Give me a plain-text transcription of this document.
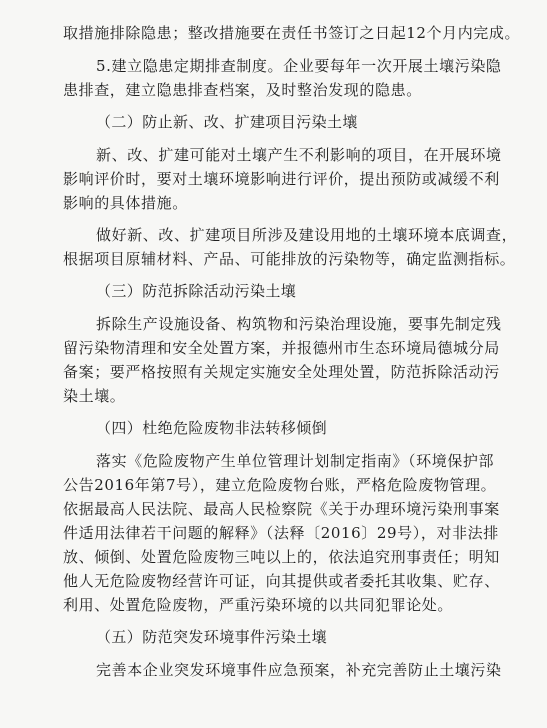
取措施排除隐患；整改措施要在责任书签订之日起12个月内完成。
5.建立隐患定期排查制度。企业要每年一次开展土壤污染隐
患排查，建立隐患排查档案，及时整治发现的隐患。
（二）防止新、改、扩建项目污染土壤
新、改、扩建可能对土壤产生不利影响的项目，在开展环境
影响评价时，要对土壤环境影响进行评价，提出预防或减缓不利
影响的具体措施。
做好新、改、扩建项目所涉及建设用地的土壤环境本底调查，
根据项目原辅材料、产品、可能排放的污染物等，确定监测指标。
（三）防范拆除活动污染土壤
拆除生产设施设备、构筑物和污染治理设施，要事先制定残
留污染物清理和安全处置方案，并报德州市生态环境局德城分局
备案；要严格按照有关规定实施安全处理处置，防范拆除活动污
染土壤。
（四）杜绝危险废物非法转移倾倒
落实《危险废物产生单位管理计划制定指南》（环境保护部
公告2016年第7号），建立危险废物台账，严格危险废物管理。
依据最高人民法院、最高人民检察院《关于办理环境污染刑事案
件适用法律若干问题的解释》（法释〔2016〕29号），对非法排
放、倾倒、处置危险废物三吨以上的，依法追究刑事责任；明知
他人无危险废物经营许可证，向其提供或者委托其收集、贮存、
利用、处置危险废物，严重污染环境的以共同犯罪论处。
（五）防范突发环境事件污染土壤
完善本企业突发环境事件应急预案，补充完善防止土壤污染
